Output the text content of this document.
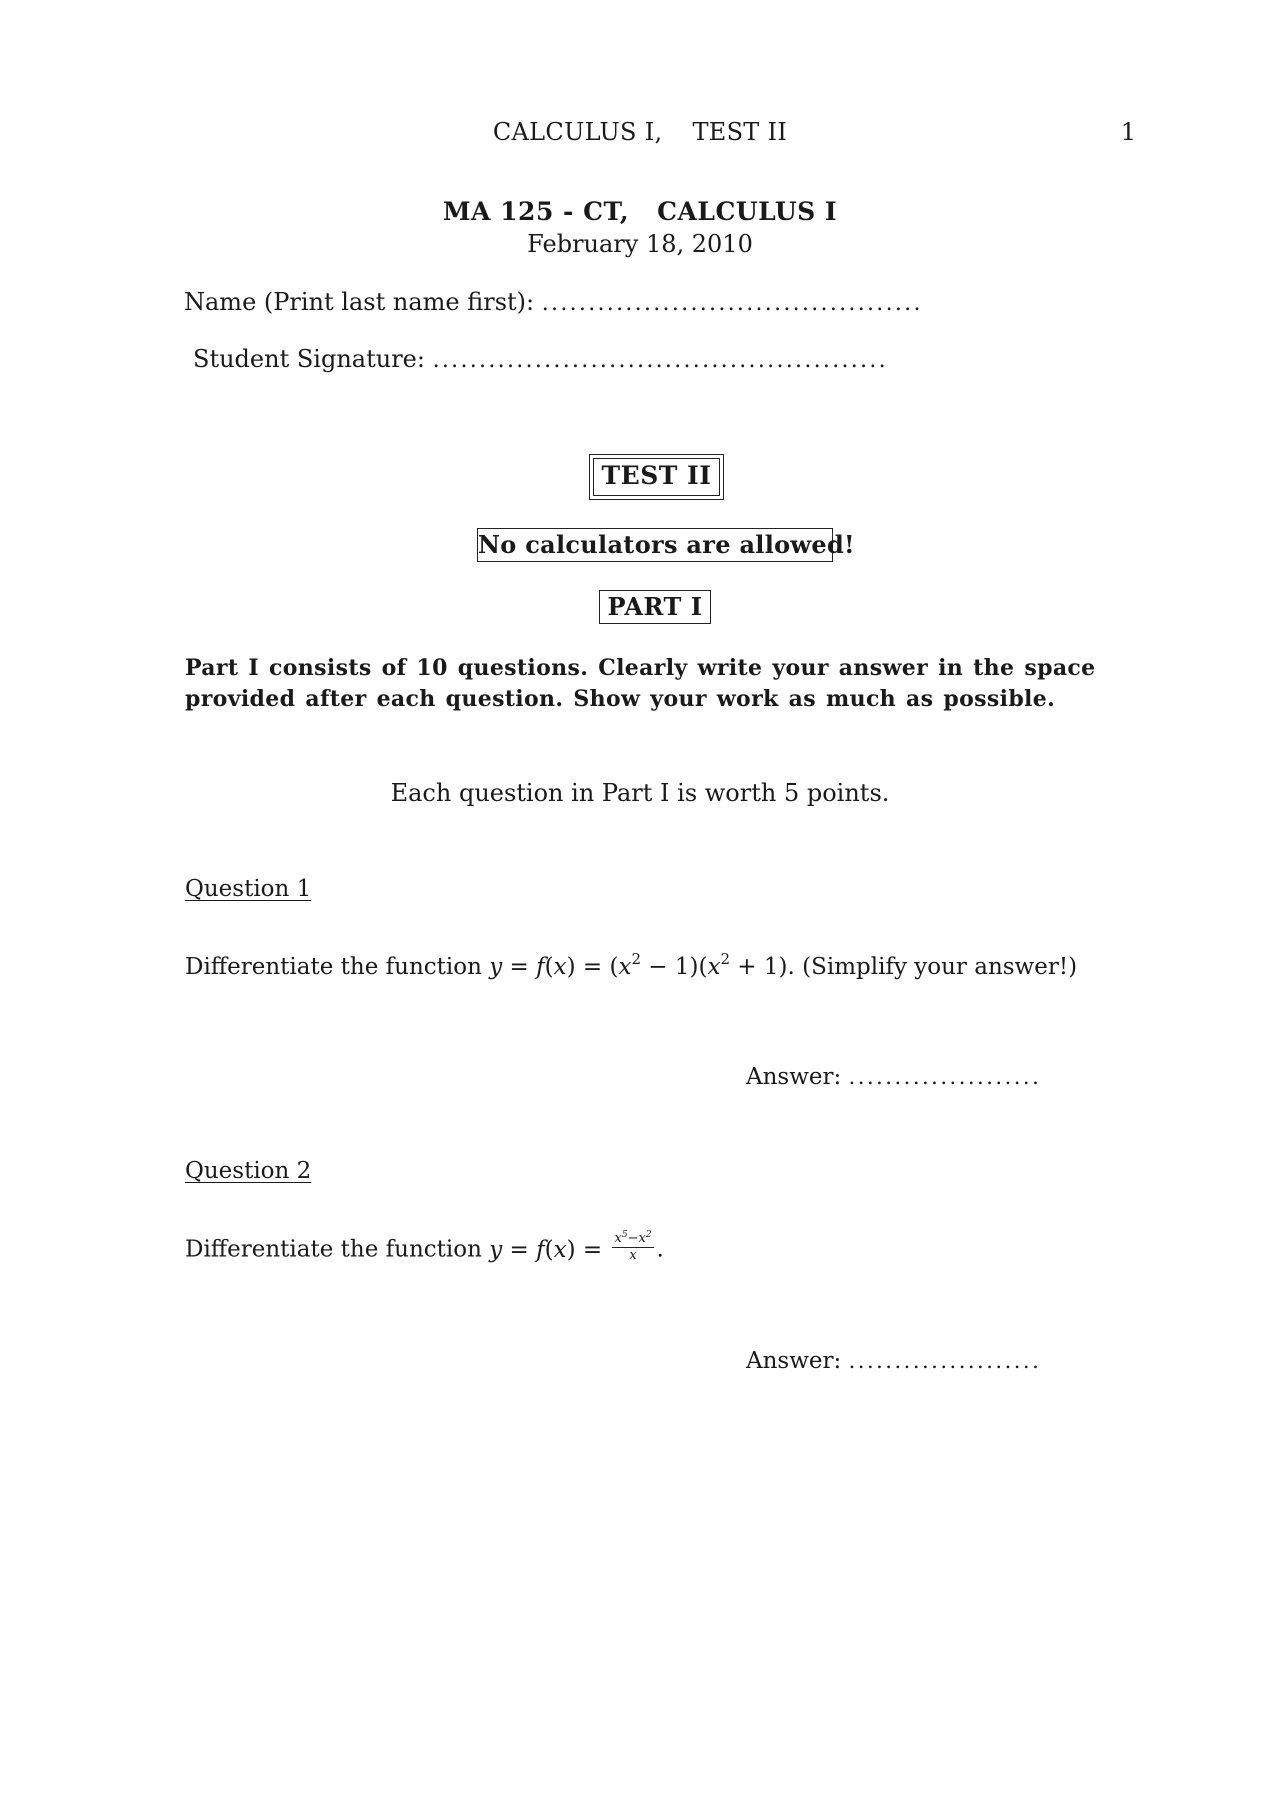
CALCULUS I, TEST II	1
MA 125 - CT, CALCULUS I
February 18, 2010
Name (Print last name first): .........................................
Student Signature: .................................................
TEST II
No calculators are allowed!
PART I
Part I consists of 10 questions. Clearly write your answer in the space provided after each question. Show your work as much as possible.
Each question in Part I is worth 5 points.
Question 1
Differentiate the function $y = f(x) = (x^2 - 1)(x^2 + 1)$. (Simplify your answer!)
Answer: .....................
Question 2
Differentiate the function $y = f(x) = \frac{x^5-x^2}{x}$ .
Answer: .....................
